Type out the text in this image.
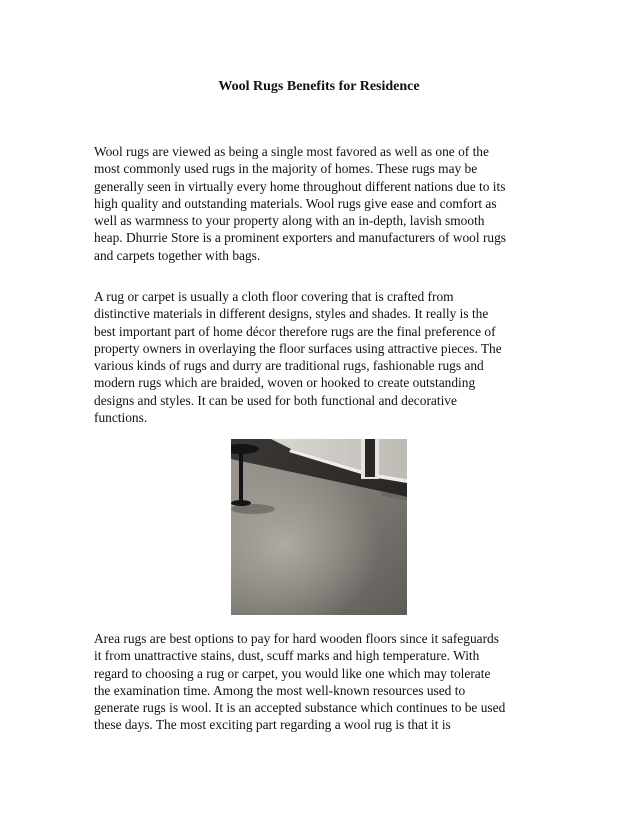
Wool Rugs Benefits for Residence

Wool rugs are viewed as being a single most favored as well as one of the
most commonly used rugs in the majority of homes. These rugs may be
generally seen in virtually every home throughout different nations due to its
high quality and outstanding materials. Wool rugs give ease and comfort as
well as warmness to your property along with an in-depth, lavish smooth
heap. Dhurrie Store is a prominent exporters and manufacturers of wool rugs
and carpets together with bags.

A rug or carpet is usually a cloth floor covering that is crafted from
distinctive materials in different designs, styles and shades. It really is the
best important part of home décor therefore rugs are the final preference of
property owners in overlaying the floor surfaces using attractive pieces. The
various kinds of rugs and durry are traditional rugs, fashionable rugs and
modern rugs which are braided, woven or hooked to create outstanding
designs and styles. It can be used for both functional and decorative
functions.

Area rugs are best options to pay for hard wooden floors since it safeguards
it from unattractive stains, dust, scuff marks and high temperature. With
regard to choosing a rug or carpet, you would like one which may tolerate
the examination time. Among the most well-known resources used to
generate rugs is wool. It is an accepted substance which continues to be used
these days. The most exciting part regarding a wool rug is that it is
